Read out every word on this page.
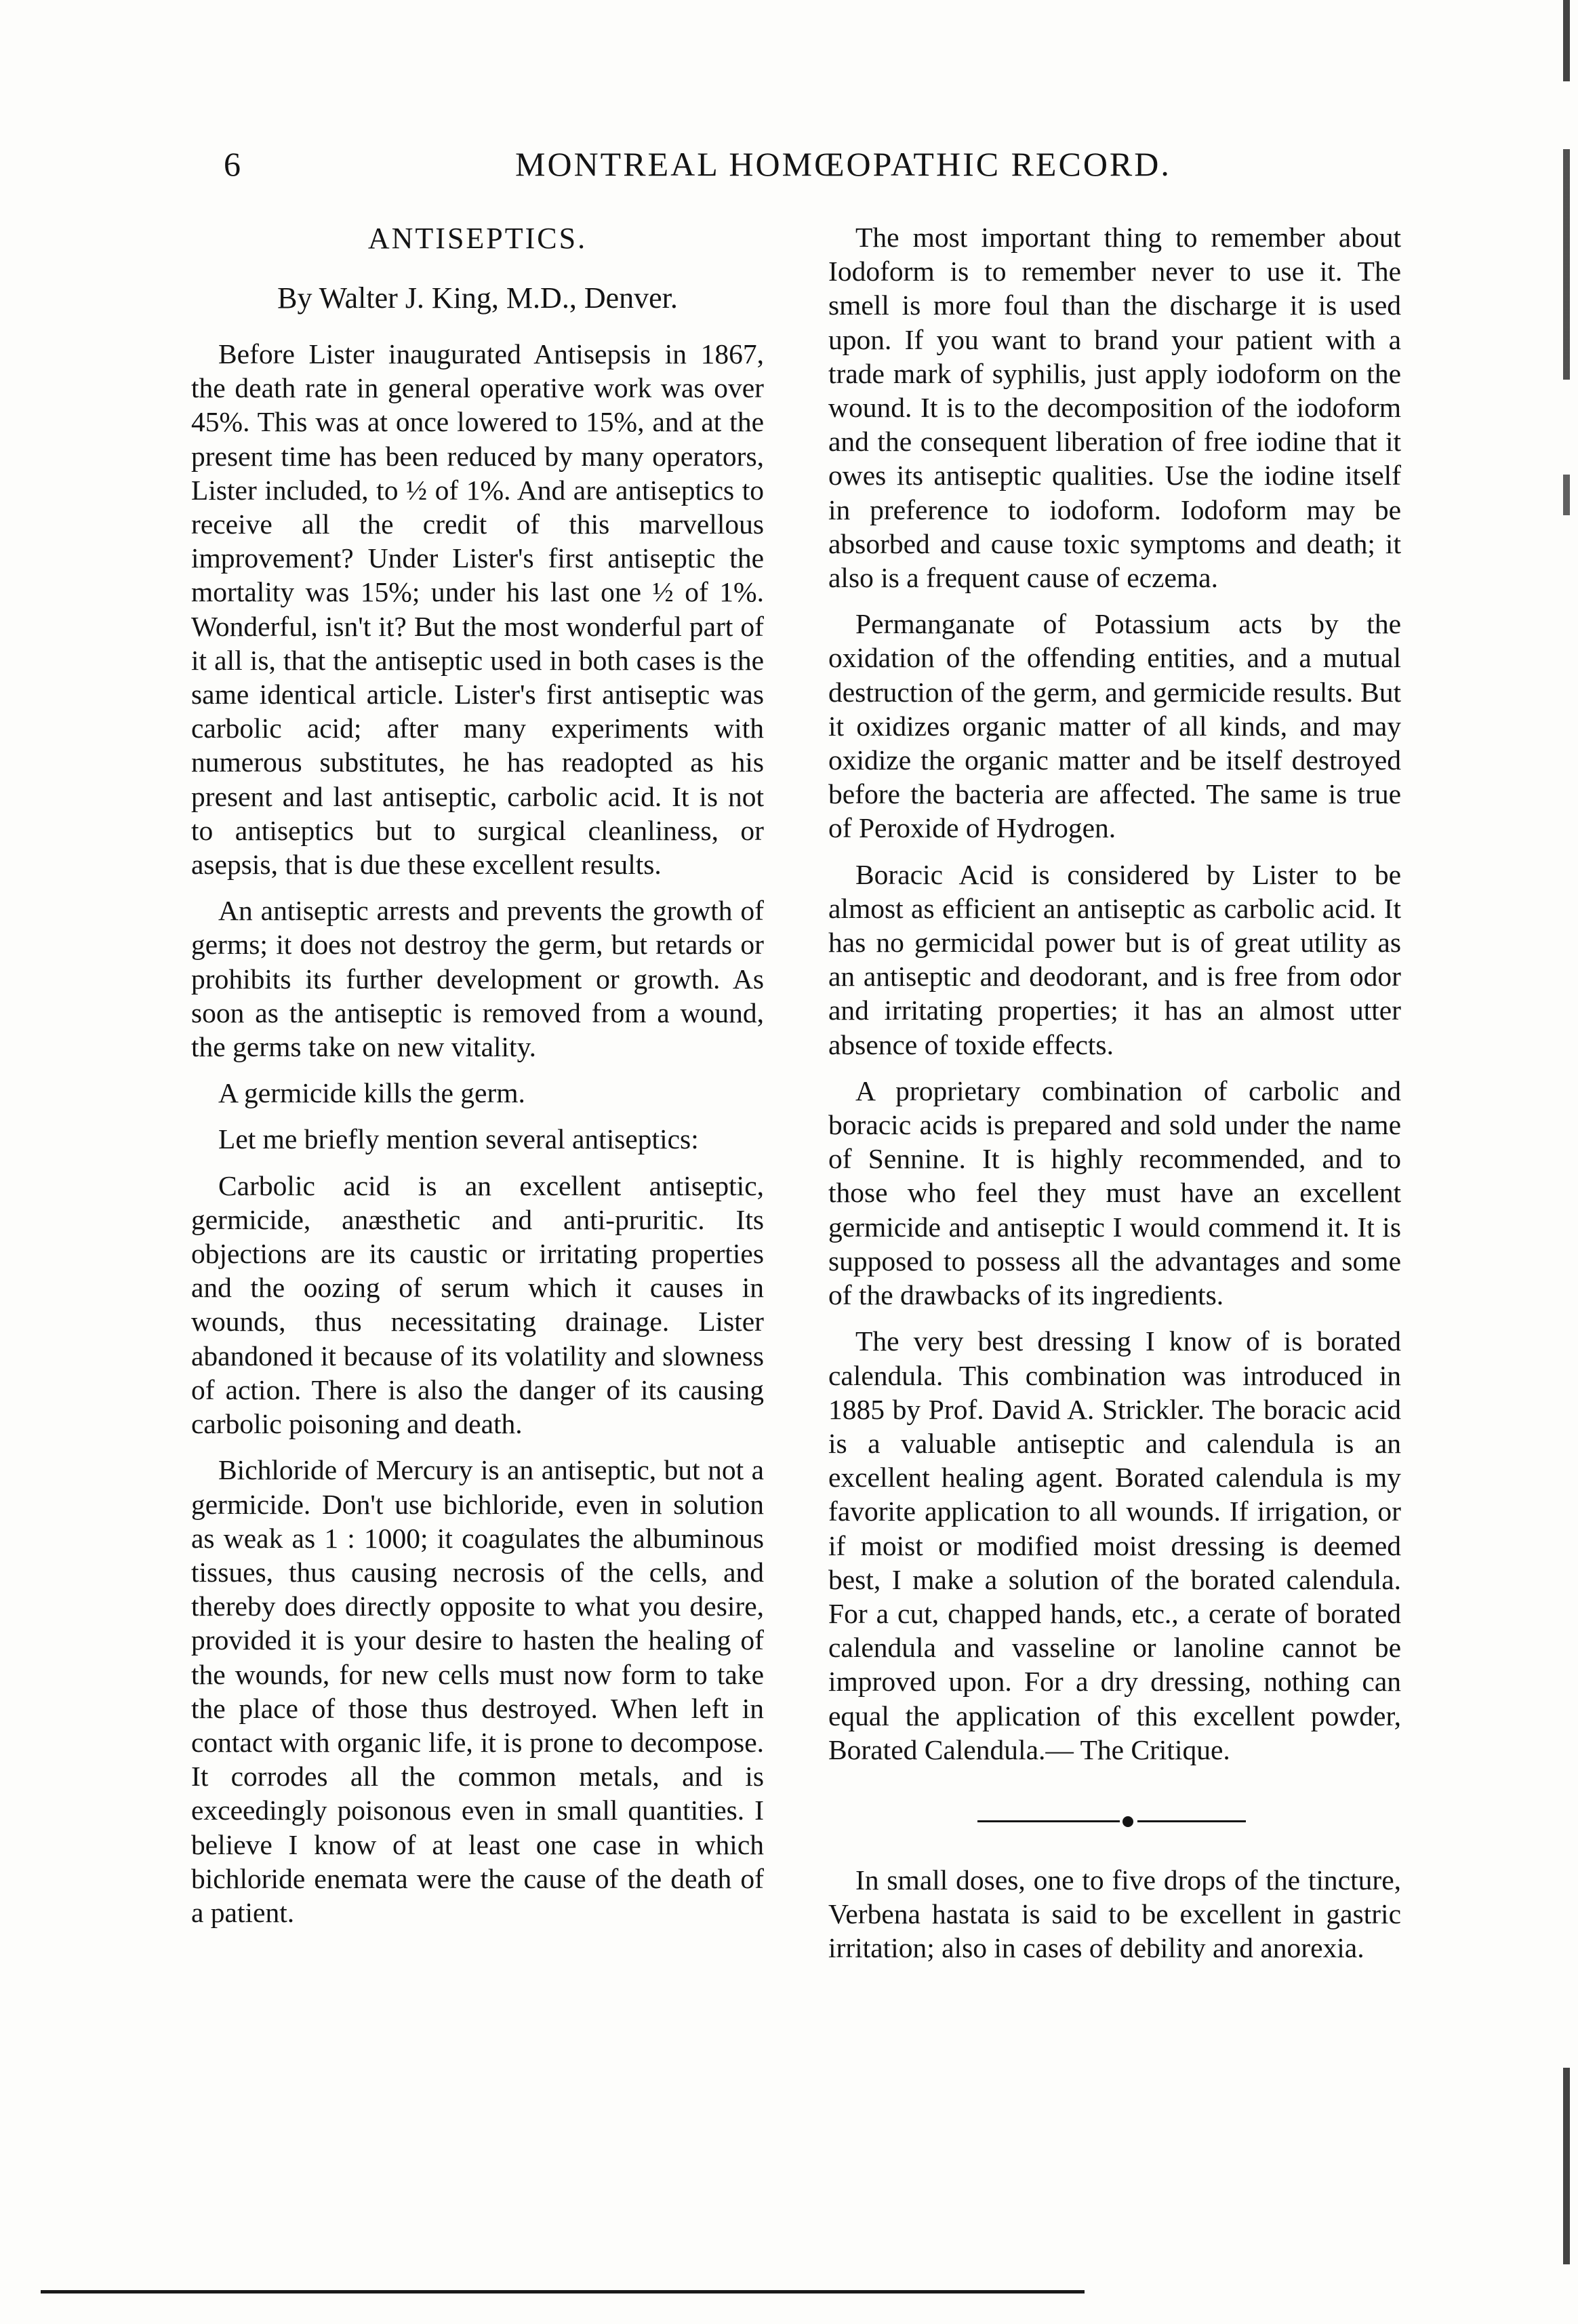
6	MONTREAL HOMŒOPATHIC RECORD.
ANTISEPTICS.
By Walter J. King, M.D., Denver.

Before Lister inaugurated Antisepsis in 1867, the death rate in general operative work was over 45%. This was at once lowered to 15%, and at the present time has been reduced by many operators, Lister included, to ½ of 1%. And are antiseptics to receive all the credit of this marvellous improvement? Under Lister's first antiseptic the mortality was 15%; under his last one ½ of 1%. Wonderful, isn't it? But the most wonderful part of it all is, that the antiseptic used in both cases is the same identical article. Lister's first antiseptic was carbolic acid; after many experiments with numerous substitutes, he has readopted as his present and last antiseptic, carbolic acid. It is not to antiseptics but to surgical cleanliness, or asepsis, that is due these excellent results.

An antiseptic arrests and prevents the growth of germs; it does not destroy the germ, but retards or prohibits its further development or growth. As soon as the antiseptic is removed from a wound, the germs take on new vitality.

A germicide kills the germ.

Let me briefly mention several antiseptics:

Carbolic acid is an excellent antiseptic, germicide, anæsthetic and anti-pruritic. Its objections are its caustic or irritating properties and the oozing of serum which it causes in wounds, thus necessitating drainage. Lister abandoned it because of its volatility and slowness of action. There is also the danger of its causing carbolic poisoning and death.

Bichloride of Mercury is an antiseptic, but not a germicide. Don't use bichloride, even in solution as weak as 1 : 1000; it coagulates the albuminous tissues, thus causing necrosis of the cells, and thereby does directly opposite to what you desire, provided it is your desire to hasten the healing of the wounds, for new cells must now form to take the place of those thus destroyed. When left in contact with organic life, it is prone to decompose. It corrodes all the common metals, and is exceedingly poisonous even in small quantities. I believe I know of at least one case in which bichloride enemata were the cause of the death of a patient.

The most important thing to remember about Iodoform is to remember never to use it. The smell is more foul than the discharge it is used upon. If you want to brand your patient with a trade mark of syphilis, just apply iodoform on the wound. It is to the decomposition of the iodoform and the consequent liberation of free iodine that it owes its antiseptic qualities. Use the iodine itself in preference to iodoform. Iodoform may be absorbed and cause toxic symptoms and death; it also is a frequent cause of eczema.

Permanganate of Potassium acts by the oxidation of the offending entities, and a mutual destruction of the germ, and germicide results. But it oxidizes organic matter of all kinds, and may oxidize the organic matter and be itself destroyed before the bacteria are affected. The same is true of Peroxide of Hydrogen.

Boracic Acid is considered by Lister to be almost as efficient an antiseptic as carbolic acid. It has no germicidal power but is of great utility as an antiseptic and deodorant, and is free from odor and irritating properties; it has an almost utter absence of toxide effects.

A proprietary combination of carbolic and boracic acids is prepared and sold under the name of Sennine. It is highly recommended, and to those who feel they must have an excellent germicide and antiseptic I would commend it. It is supposed to possess all the advantages and some of the drawbacks of its ingredients.

The very best dressing I know of is borated calendula. This combination was introduced in 1885 by Prof. David A. Strickler. The boracic acid is a valuable antiseptic and calendula is an excellent healing agent. Borated calendula is my favorite application to all wounds. If irrigation, or if moist or modified moist dressing is deemed best, I make a solution of the borated calendula. For a cut, chapped hands, etc., a cerate of borated calendula and vasseline or lanoline cannot be improved upon. For a dry dressing, nothing can equal the application of this excellent powder, Borated Calendula.— The Critique.

In small doses, one to five drops of the tincture, Verbena hastata is said to be excellent in gastric irritation; also in cases of debility and anorexia.
